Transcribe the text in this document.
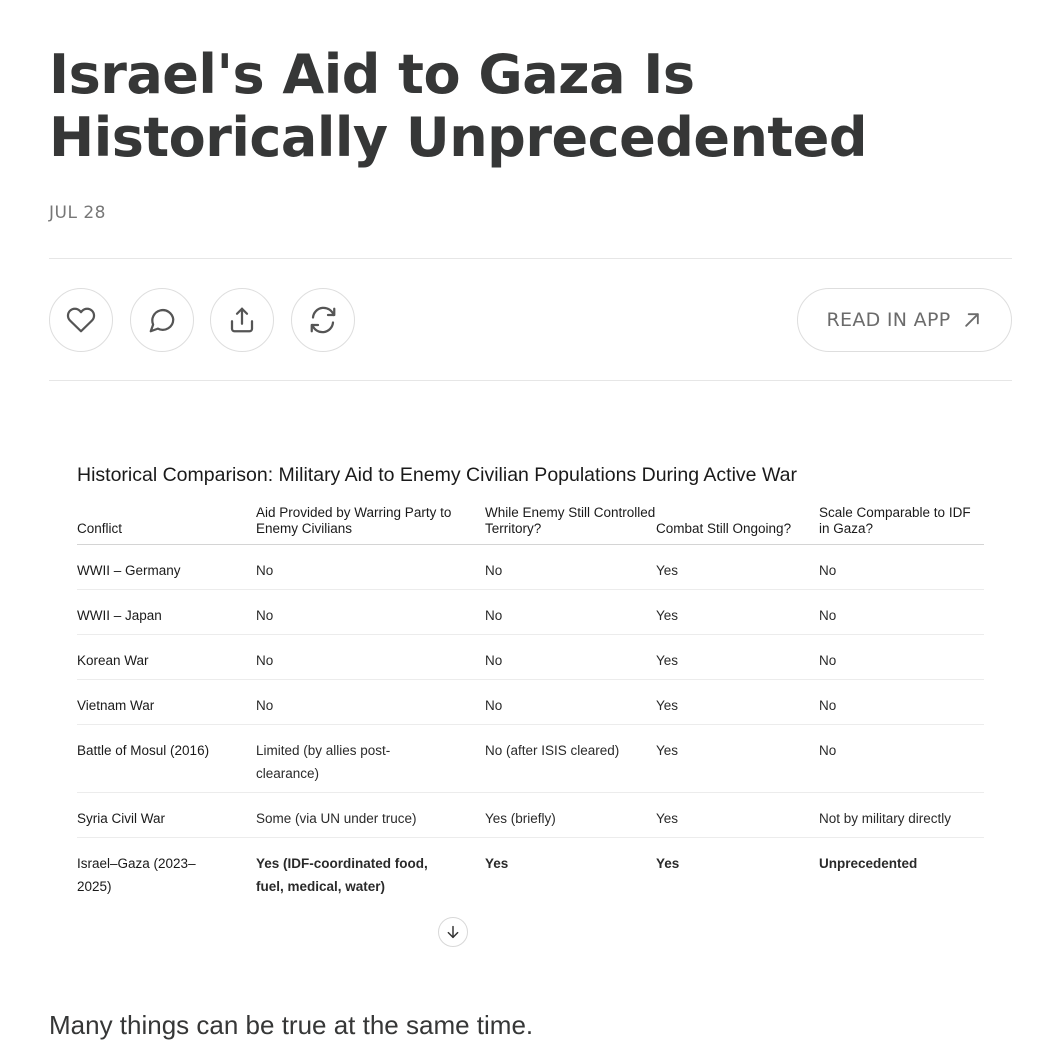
Israel's Aid to Gaza Is Historically Unprecedented
JUL 28
READ IN APP
Historical Comparison: Military Aid to Enemy Civilian Populations During Active War
Conflict	Aid Provided by Warring Party to Enemy Civilians	While Enemy Still Controlled Territory?	Combat Still Ongoing?	Scale Comparable to IDF in Gaza?
WWII – Germany	No	No	Yes	No
WWII – Japan	No	No	Yes	No
Korean War	No	No	Yes	No
Vietnam War	No	No	Yes	No
Battle of Mosul (2016)	Limited (by allies post-clearance)	No (after ISIS cleared)	Yes	No
Syria Civil War	Some (via UN under truce)	Yes (briefly)	Yes	Not by military directly
Israel–Gaza (2023–2025)	Yes (IDF-coordinated food, fuel, medical, water)	Yes	Yes	Unprecedented
Many things can be true at the same time.
